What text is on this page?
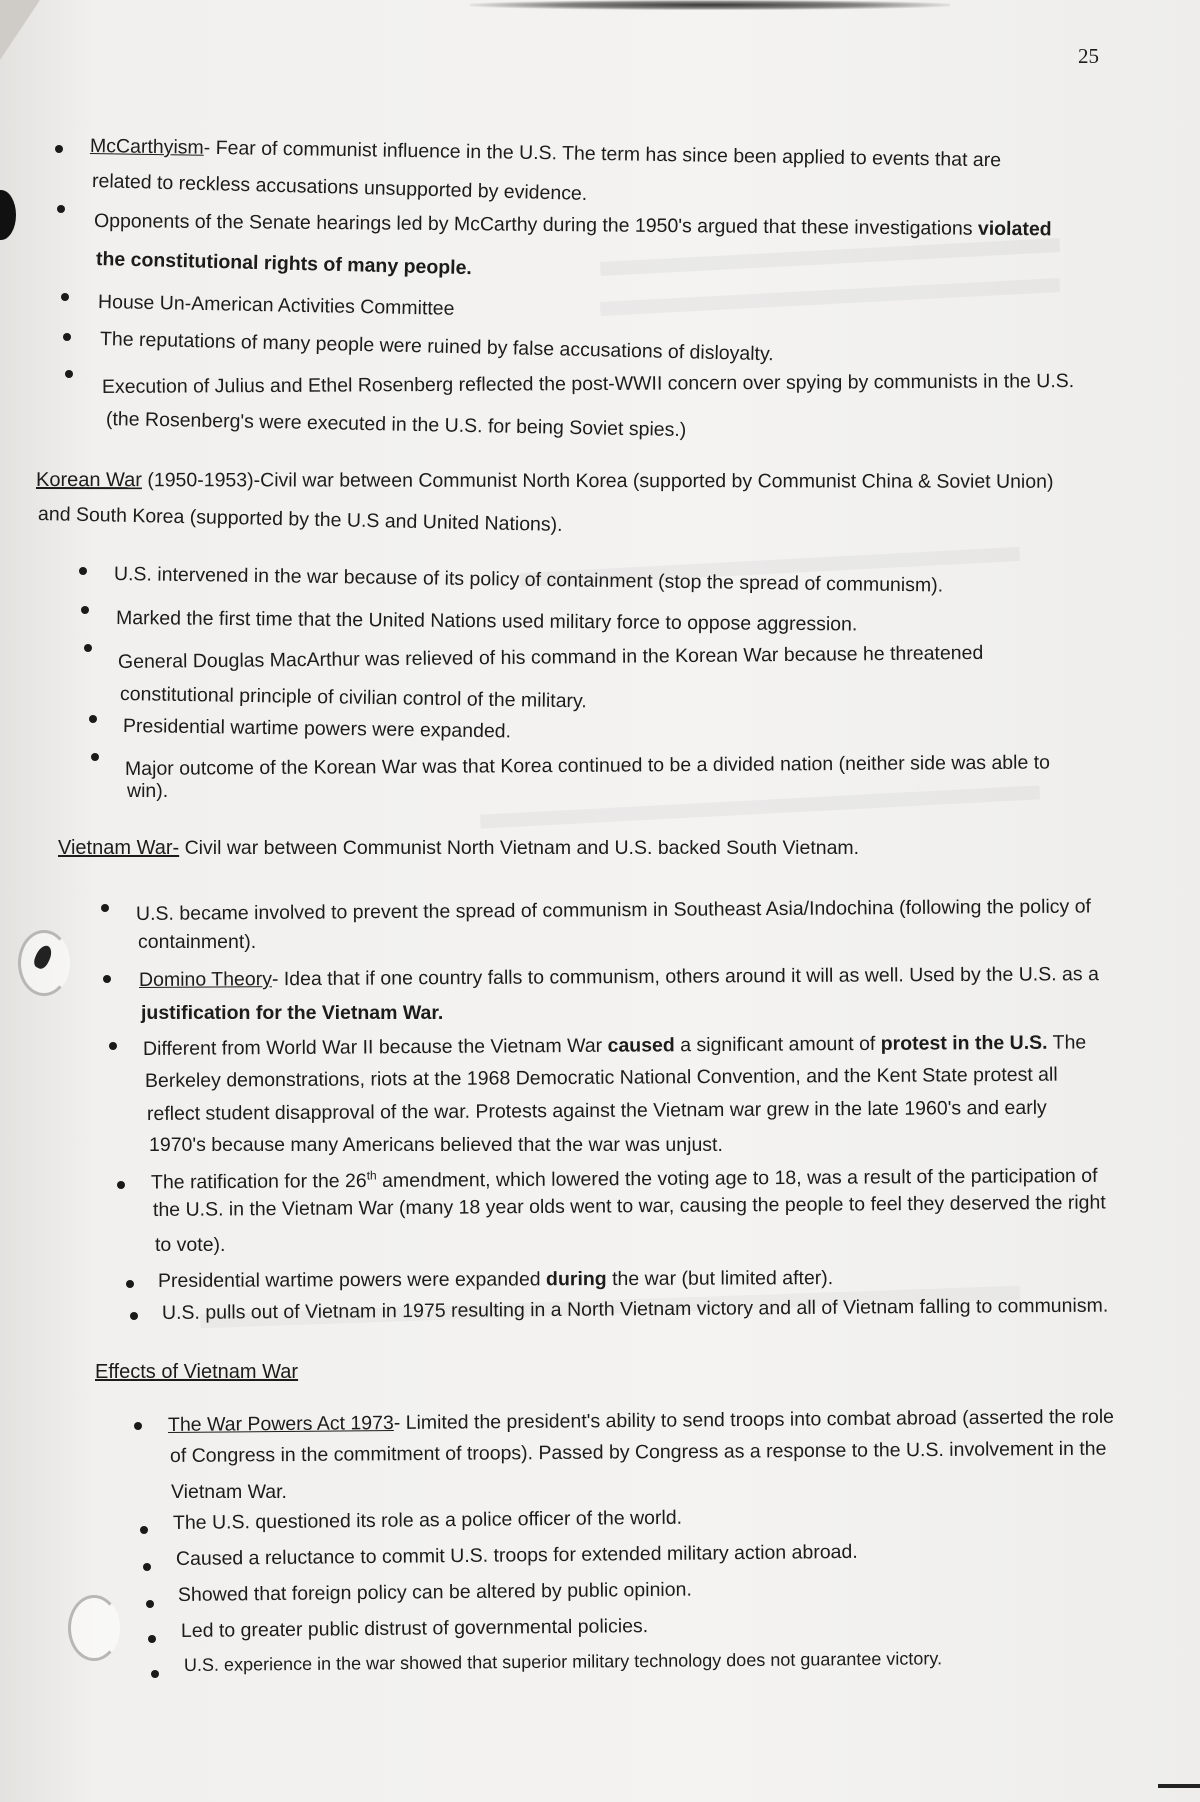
25
McCarthyism- Fear of communist influence in the U.S. The term has since been applied to events that are
related to reckless accusations unsupported by evidence.
Opponents of the Senate hearings led by McCarthy during the 1950's argued that these investigations violated
the constitutional rights of many people.
House Un-American Activities Committee
The reputations of many people were ruined by false accusations of disloyalty.
Execution of Julius and Ethel Rosenberg reflected the post-WWII concern over spying by communists in the U.S.
(the Rosenberg's were executed in the U.S. for being Soviet spies.)
Korean War (1950-1953)-Civil war between Communist North Korea (supported by Communist China & Soviet Union)
and South Korea (supported by the U.S and United Nations).
U.S. intervened in the war because of its policy of containment (stop the spread of communism).
Marked the first time that the United Nations used military force to oppose aggression.
General Douglas MacArthur was relieved of his command in the Korean War because he threatened
constitutional principle of civilian control of the military.
Presidential wartime powers were expanded.
Major outcome of the Korean War was that Korea continued to be a divided nation (neither side was able to
win).
Vietnam War- Civil war between Communist North Vietnam and U.S. backed South Vietnam.
U.S. became involved to prevent the spread of communism in Southeast Asia/Indochina (following the policy of
containment).
Domino Theory- Idea that if one country falls to communism, others around it will as well. Used by the U.S. as a
justification for the Vietnam War.
Different from World War II because the Vietnam War caused a significant amount of protest in the U.S. The
Berkeley demonstrations, riots at the 1968 Democratic National Convention, and the Kent State protest all
reflect student disapproval of the war. Protests against the Vietnam war grew in the late 1960's and early
1970's because many Americans believed that the war was unjust.
The ratification for the 26th amendment, which lowered the voting age to 18, was a result of the participation of
the U.S. in the Vietnam War (many 18 year olds went to war, causing the people to feel they deserved the right
to vote).
Presidential wartime powers were expanded during the war (but limited after).
U.S. pulls out of Vietnam in 1975 resulting in a North Vietnam victory and all of Vietnam falling to communism.
Effects of Vietnam War
The War Powers Act 1973- Limited the president's ability to send troops into combat abroad (asserted the role
of Congress in the commitment of troops). Passed by Congress as a response to the U.S. involvement in the
Vietnam War.
The U.S. questioned its role as a police officer of the world.
Caused a reluctance to commit U.S. troops for extended military action abroad.
Showed that foreign policy can be altered by public opinion.
Led to greater public distrust of governmental policies.
U.S. experience in the war showed that superior military technology does not guarantee victory.
